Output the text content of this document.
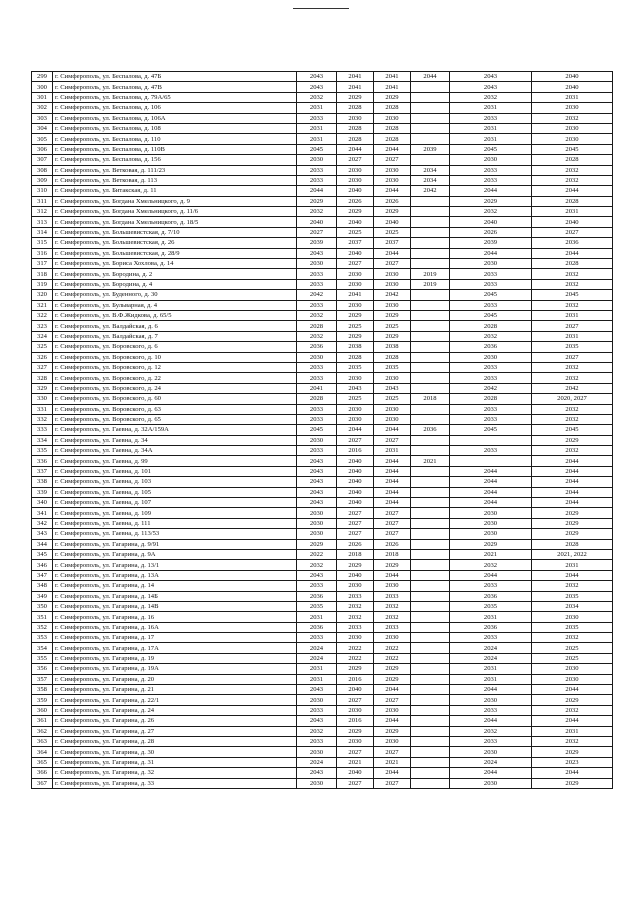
299	г. Симферополь, ул. Беспалова, д. 47Б	2043	2041	2041	2044	2043	2040
300	г. Симферополь, ул. Беспалова, д. 47В	2043	2041	2041		2043	2040
301	г. Симферополь, ул. Беспалова, д. 79А/65	2032	2029	2029		2032	2031
302	г. Симферополь, ул. Беспалова, д. 106	2031	2028	2028		2031	2030
303	г. Симферополь, ул. Беспалова, д. 106А	2033	2030	2030		2033	2032
304	г. Симферополь, ул. Беспалова, д. 108	2031	2028	2028		2031	2030
305	г. Симферополь, ул. Беспалова, д. 110	2031	2028	2028		2031	2030
306	г. Симферополь, ул. Беспалова, д. 110В	2045	2044	2044	2039	2045	2045
307	г. Симферополь, ул. Беспалова, д. 156	2030	2027	2027		2030	2028
308	г. Симферополь, ул. Ветковая, д. 111/23	2033	2030	2030	2034	2033	2032
309	г. Симферополь, ул. Ветковая, д. 113	2033	2030	2030	2034	2033	2032
310	г. Симферополь, ул. Битакская, д. 11	2044	2040	2044	2042	2044	2044
311	г. Симферополь, ул. Богдана Хмельницкого, д. 9	2029	2026	2026		2029	2028
312	г. Симферополь, ул. Богдана Хмельницкого, д. 11/6	2032	2029	2029		2032	2031
313	г. Симферополь, ул. Богдана Хмельницкого, д. 18/5	2040	2040	2040		2040	2040
314	г. Симферополь, ул. Большевистская, д. 7/10	2027	2025	2025		2026	2027
315	г. Симферополь, ул. Большевистская, д. 26	2039	2037	2037		2039	2036
316	г. Симферополь, ул. Большевистская, д. 28/9	2043	2040	2044		2044	2044
317	г. Симферополь, ул. Бориса Хохлова, д. 14	2030	2027	2027		2030	2028
318	г. Симферополь, ул. Бородина, д. 2	2033	2030	2030	2019	2033	2032
319	г. Симферополь, ул. Бородина, д. 4	2033	2030	2030	2019	2033	2032
320	г. Симферополь, ул. Буденного, д. 30	2042	2041	2042		2045	2045
321	г. Симферополь, ул. Бульварная, д. 4	2033	2030	2030		2033	2032
322	г. Симферополь, ул. В.Ф.Жидкова, д. 65/5	2032	2029	2029		2045	2031
323	г. Симферополь, ул. Валдайская, д. 6	2028	2025	2025		2028	2027
324	г. Симферополь, ул. Валдайская, д. 7	2032	2029	2029		2032	2031
325	г. Симферополь, ул. Воровского, д. 6	2036	2038	2038		2036	2035
326	г. Симферополь, ул. Воровского, д. 10	2030	2028	2028		2030	2027
327	г. Симферополь, ул. Воровского, д. 12	2033	2035	2035		2033	2032
328	г. Симферополь, ул. Воровского, д. 22	2033	2030	2030		2033	2032
329	г. Симферополь, ул. Воровского, д. 24	2041	2043	2043		2042	2042
330	г. Симферополь, ул. Воровского, д. 60	2028	2025	2025	2018	2028	2020, 2027
331	г. Симферополь, ул. Воровского, д. 63	2033	2030	2030		2033	2032
332	г. Симферополь, ул. Воровского, д. 65	2033	2030	2030		2033	2032
333	г. Симферополь, ул. Гаевна, д. 32А/159А	2045	2044	2044	2036	2045	2045
334	г. Симферополь, ул. Гаевна, д. 34	2030	2027	2027			2029
335	г. Симферополь, ул. Гаевна, д. 34А	2033	2016	2031		2033	2032
336	г. Симферополь, ул. Гаевна, д. 99	2043	2040	2044	2021		2044
337	г. Симферополь, ул. Гаевна, д. 101	2043	2040	2044		2044	2044
338	г. Симферополь, ул. Гаевна, д. 103	2043	2040	2044		2044	2044
339	г. Симферополь, ул. Гаевна, д. 105	2043	2040	2044		2044	2044
340	г. Симферополь, ул. Гаевна, д. 107	2043	2040	2044		2044	2044
341	г. Симферополь, ул. Гаевна, д. 109	2030	2027	2027		2030	2029
342	г. Симферополь, ул. Гаевна, д. 111	2030	2027	2027		2030	2029
343	г. Симферополь, ул. Гаевна, д. 113/53	2030	2027	2027		2030	2029
344	г. Симферополь, ул. Гагарина, д. 9/91	2029	2026	2026		2029	2028
345	г. Симферополь, ул. Гагарина, д. 9А	2022	2018	2018		2021	2021, 2022
346	г. Симферополь, ул. Гагарина, д. 13/1	2032	2029	2029		2032	2031
347	г. Симферополь, ул. Гагарина, д. 13А	2043	2040	2044		2044	2044
348	г. Симферополь, ул. Гагарина, д. 14	2033	2030	2030		2033	2032
349	г. Симферополь, ул. Гагарина, д. 14Б	2036	2033	2033		2036	2035
350	г. Симферополь, ул. Гагарина, д. 14В	2035	2032	2032		2035	2034
351	г. Симферополь, ул. Гагарина, д. 16	2031	2032	2032		2031	2030
352	г. Симферополь, ул. Гагарина, д. 16А	2036	2033	2033		2036	2035
353	г. Симферополь, ул. Гагарина, д. 17	2033	2030	2030		2033	2032
354	г. Симферополь, ул. Гагарина, д. 17А	2024	2022	2022		2024	2025
355	г. Симферополь, ул. Гагарина, д. 19	2024	2022	2022		2024	2025
356	г. Симферополь, ул. Гагарина, д. 19А	2031	2029	2029		2031	2030
357	г. Симферополь, ул. Гагарина, д. 20	2031	2016	2029		2031	2030
358	г. Симферополь, ул. Гагарина, д. 21	2043	2040	2044		2044	2044
359	г. Симферополь, ул. Гагарина, д. 22/1	2030	2027	2027		2030	2029
360	г. Симферополь, ул. Гагарина, д. 24	2033	2030	2030		2033	2032
361	г. Симферополь, ул. Гагарина, д. 26	2043	2016	2044		2044	2044
362	г. Симферополь, ул. Гагарина, д. 27	2032	2029	2029		2032	2031
363	г. Симферополь, ул. Гагарина, д. 28	2033	2030	2030		2033	2032
364	г. Симферополь, ул. Гагарина, д. 30	2030	2027	2027		2030	2029
365	г. Симферополь, ул. Гагарина, д. 31	2024	2021	2021		2024	2023
366	г. Симферополь, ул. Гагарина, д. 32	2043	2040	2044		2044	2044
367	г. Симферополь, ул. Гагарина, д. 33	2030	2027	2027		2030	2029
